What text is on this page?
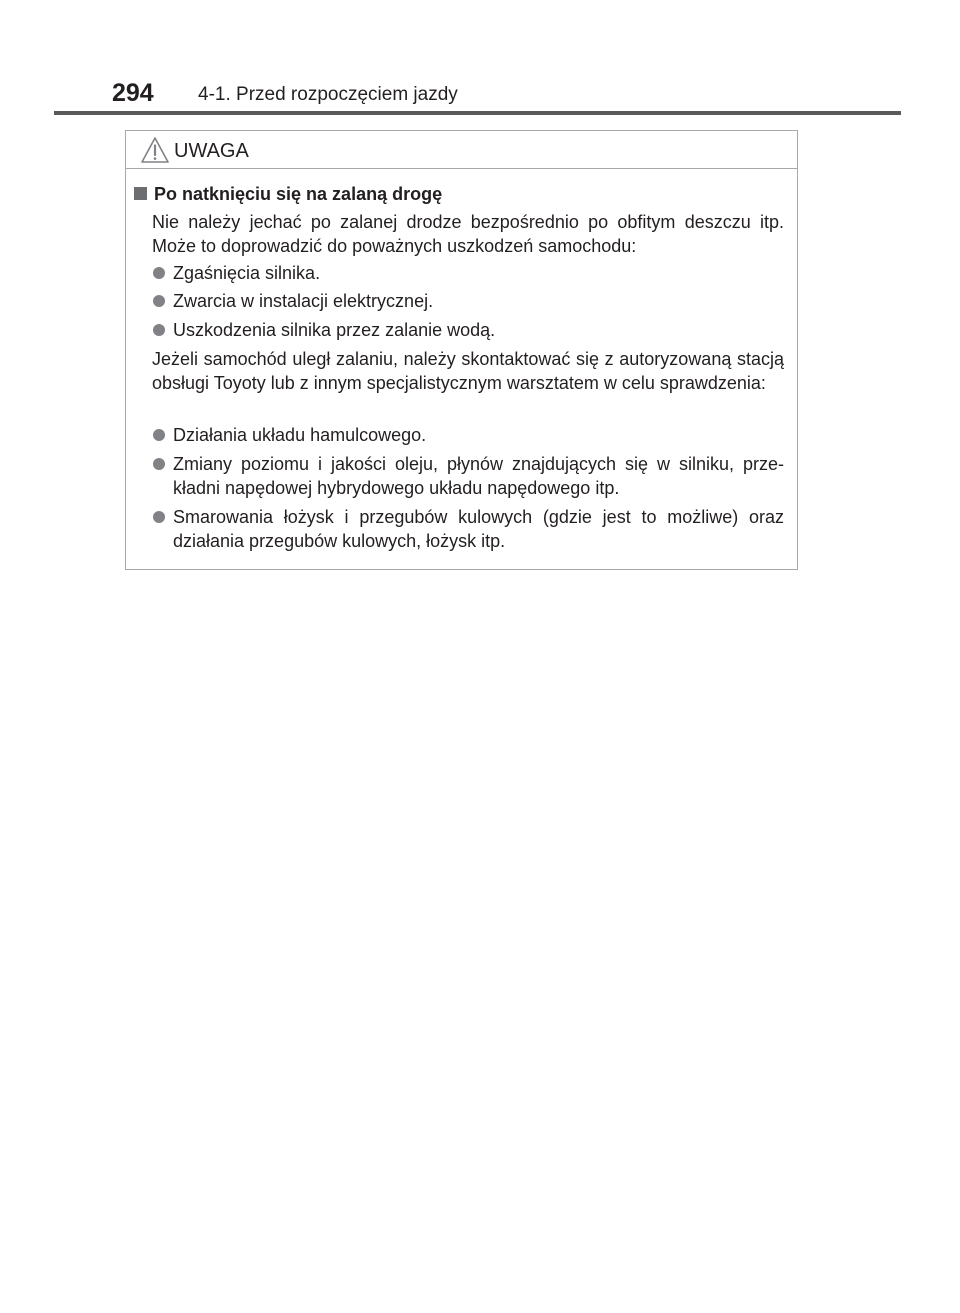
294 4-1. Przed rozpoczęciem jazdy
UWAGA
Po natknięciu się na zalaną drogę
Nie należy jechać po zalanej drodze bezpośrednio po obfitym deszczu itp. Może to doprowadzić do poważnych uszkodzeń samochodu:
Zgaśnięcia silnika.
Zwarcia w instalacji elektrycznej.
Uszkodzenia silnika przez zalanie wodą.
Jeżeli samochód uległ zalaniu, należy skontaktować się z autoryzowaną stacją obsługi Toyoty lub z innym specjalistycznym warsztatem w celu sprawdzenia:
Działania układu hamulcowego.
Zmiany poziomu i jakości oleju, płynów znajdujących się w silniku, prze- kładni napędowej hybrydowego układu napędowego itp.
Smarowania łożysk i przegubów kulowych (gdzie jest to możliwe) oraz działania przegubów kulowych, łożysk itp.
